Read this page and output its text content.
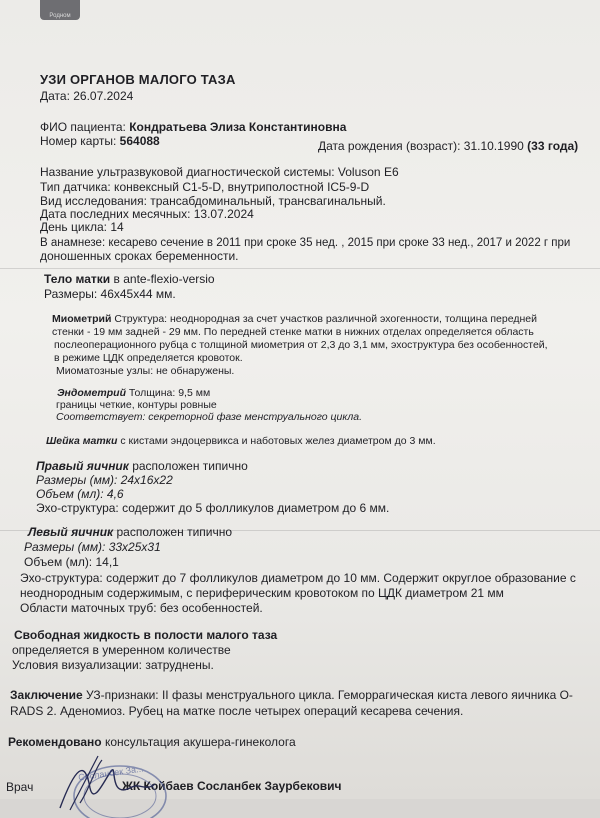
Родном
УЗИ ОРГАНОВ МАЛОГО ТАЗА
Дата: 26.07.2024
ФИО пациента: Кондратьева Элиза Константиновна
Номер карты: 564088	Дата рождения (возраст): 31.10.1990 (33 года)
Название ультразвуковой диагностической системы: Voluson E6
Тип датчика: конвексный C1-5-D, внутриполостной IC5-9-D
Вид исследования: трансабдоминальный, трансвагинальный.
Дата последних месячных: 13.07.2024
День цикла: 14
В анамнезе: кесарево сечение в 2011 при сроке 35 нед. , 2015 при сроке 33 нед., 2017 и 2022 г при
доношенных сроках беременности.
Тело матки в ante-flexio-versio
Размеры: 46х45х44 мм.
Миометрий Структура: неоднородная за счет участков различной эхогенности, толщина передней
стенки - 19 мм задней - 29 мм. По передней стенке матки в нижних отделах определяется область
послеоперационного рубца с толщиной миометрия от 2,3 до 3,1 мм, эхоструктура без особенностей,
в режиме ЦДК определяется кровоток.
Миоматозные узлы: не обнаружены.
Эндометрий Толщина: 9,5 мм
границы четкие, контуры ровные
Соответствует: секреторной фазе менструального цикла.
Шейка матки с кистами эндоцервикса и наботовых желез диаметром до 3 мм.
Правый яичник расположен типично
Размеры (мм): 24x16x22
Объем (мл): 4,6
Эхо-структура: содержит до 5 фолликулов диаметром до 6 мм.
Левый яичник расположен типично
Размеры (мм): 33x25x31
Объем (мл): 14,1
Эхо-структура: содержит до 7 фолликулов диаметром до 10 мм. Содержит округлое образование с
неоднородным содержимым, с периферическим кровотоком по ЦДК диаметром 21 мм
Области маточных труб: без особенностей.
Свободная жидкость в полости малого таза
определяется в умеренном количестве
Условия визуализации: затруднены.
Заключение УЗ-признаки: II фазы менструального цикла. Геморрагическая киста левого яичника O-
RADS 2. Аденомиоз. Рубец на матке после четырех операций кесарева сечения.
Рекомендовано консультация акушера-гинеколога
Врач	ЖК Койбаев Сосланбек Заурбекович
Сосланбек За...
